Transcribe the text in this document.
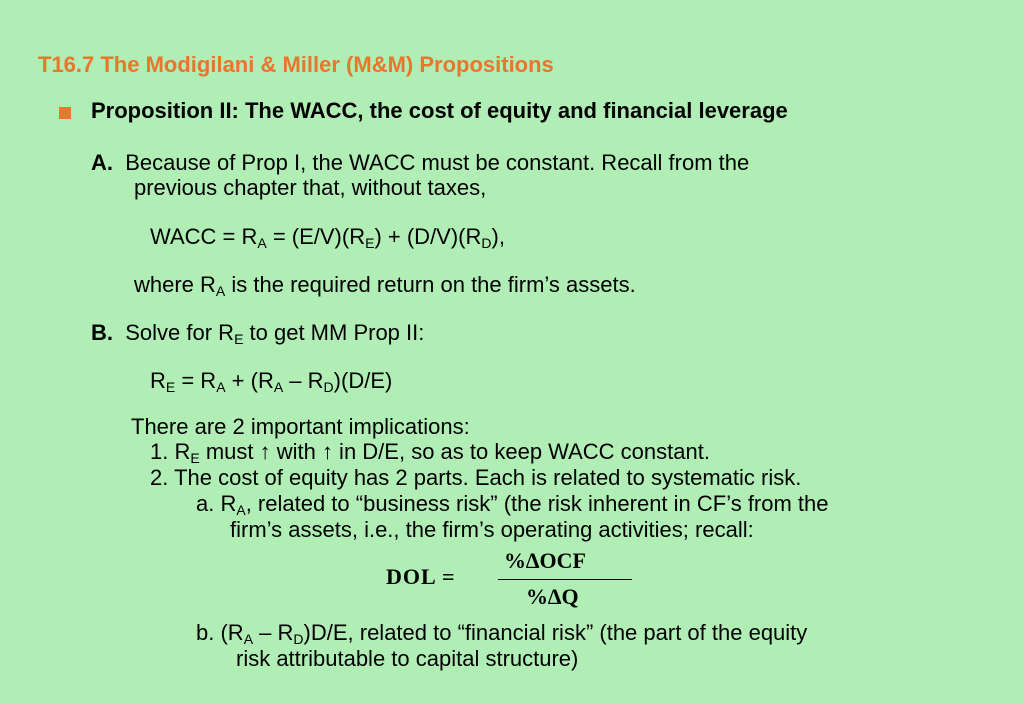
T16.7 The Modigilani & Miller (M&M) Propositions
Proposition II: The WACC, the cost of equity and financial leverage
A. Because of Prop I, the WACC must be constant. Recall from the
previous chapter that, without taxes,
WACC = $R_A = (E/V)(R_E) + (D/V)(R_D)$,
where $R_A$ is the required return on the firm’s assets.
B. Solve for $R_E$ to get MM Prop II:
$R_E = R_A + (R_A - R_D)(D/E)$
There are 2 important implications:
1. $R_E$ must ↑ with ↑ in D/E, so as to keep WACC constant.
2. The cost of equity has 2 parts. Each is related to systematic risk.
a. $R_A$, related to “business risk” (the risk inherent in CF’s from the
firm’s assets, i.e., the firm’s operating activities; recall:
DOL =
%∆OCF
%∆Q
b. $(R_A - R_D)D/E$, related to “financial risk” (the part of the equity
risk attributable to capital structure)
